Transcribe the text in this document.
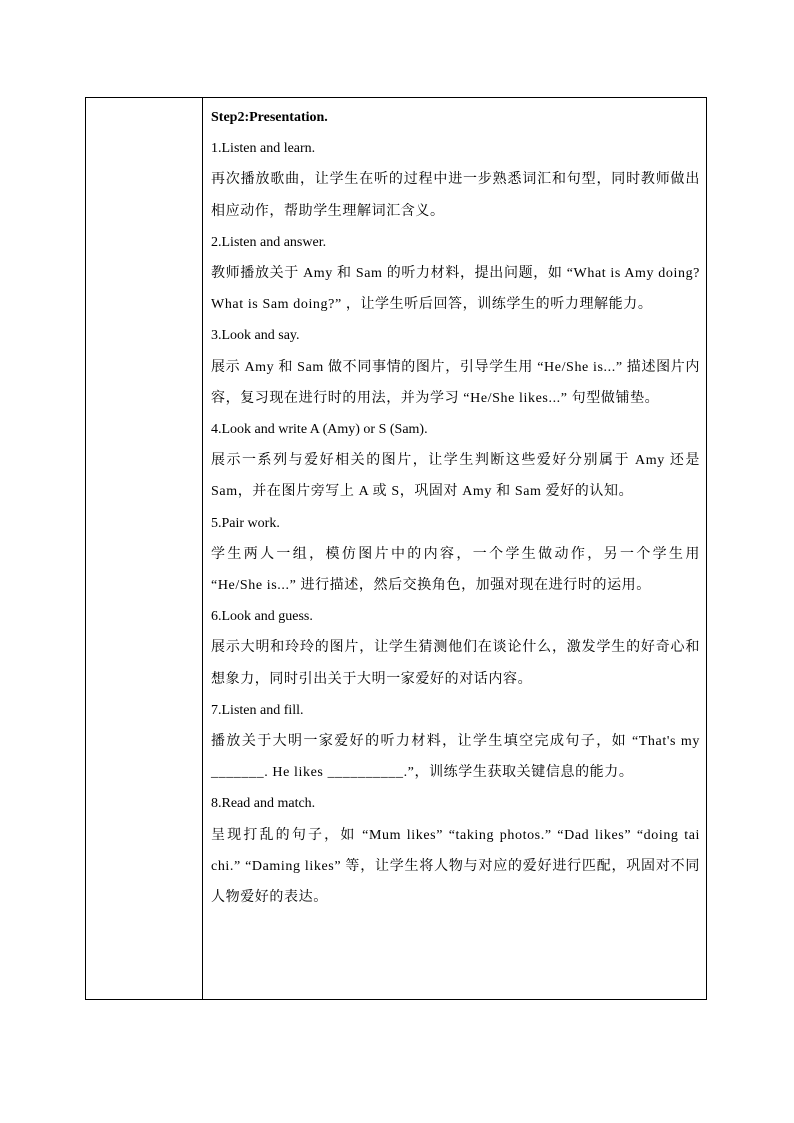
Step2:Presentation.
1.Listen and learn.
再次播放歌曲，让学生在听的过程中进一步熟悉词汇和句型，同时教师做出相应动作，帮助学生理解词汇含义。
2.Listen and answer.
教师播放关于 Amy 和 Sam 的听力材料，提出问题，如 “What is Amy doing? What is Sam doing?” ，让学生听后回答，训练学生的听力理解能力。
3.Look and say.
展示 Amy 和 Sam 做不同事情的图片，引导学生用 “He/She is...” 描述图片内容，复习现在进行时的用法，并为学习 “He/She likes...” 句型做铺垫。
4.Look and write A (Amy) or S (Sam).
展示一系列与爱好相关的图片，让学生判断这些爱好分别属于 Amy 还是 Sam，并在图片旁写上 A 或 S，巩固对 Amy 和 Sam 爱好的认知。
5.Pair work.
学生两人一组，模仿图片中的内容，一个学生做动作，另一个学生用 “He/She is...” 进行描述，然后交换角色，加强对现在进行时的运用。
6.Look and guess.
展示大明和玲玲的图片，让学生猜测他们在谈论什么，激发学生的好奇心和想象力，同时引出关于大明一家爱好的对话内容。
7.Listen and fill.
播放关于大明一家爱好的听力材料，让学生填空完成句子，如 “That's my _______. He likes __________.”，训练学生获取关键信息的能力。
8.Read and match.
呈现打乱的句子，如 “Mum likes” “taking photos.” “Dad likes” “doing tai chi.” “Daming likes” 等，让学生将人物与对应的爱好进行匹配，巩固对不同人物爱好的表达。
